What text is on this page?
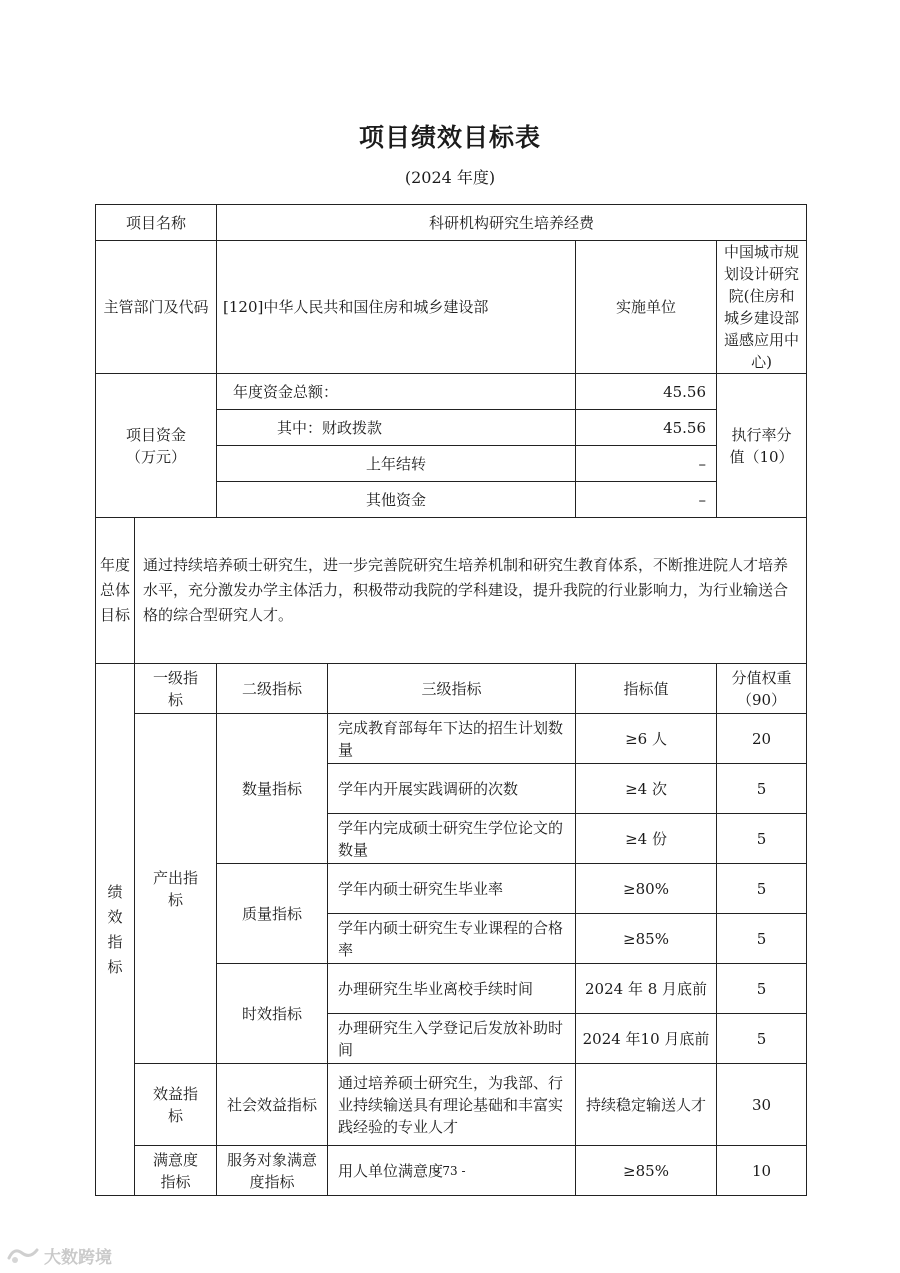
项目绩效目标表
(2024 年度)
项目名称		科研机构研究生培养经费			
主管部门及代码		[120]中华人民共和国住房和城乡建设部		实施单位	中国城市规划设计研究院(住房和城乡建设部遥感应用中心)
项目资金（万元）		年度资金总额：		45.56	执行率分值（10）
		其中：财政拨款		45.56	
		上年结转		–	
		其他资金		–	
年度总体目标	通过持续培养硕士研究生，进一步完善院研究生培养机制和研究生教育体系，不断推进院人才培养水平，充分激发办学主体活力，积极带动我院的学科建设，提升我院的行业影响力，为行业输送合格的综合型研究人才。				
绩效指标	一级指标	二级指标	三级指标	指标值	分值权重（90）
	产出指标	数量指标	完成教育部每年下达的招生计划数量	≥6 人	20
			学年内开展实践调研的次数	≥4 次	5
			学年内完成硕士研究生学位论文的数量	≥4 份	5
		质量指标	学年内硕士研究生毕业率	≥80%	5
			学年内硕士研究生专业课程的合格率	≥85%	5
		时效指标	办理研究生毕业离校手续时间	2024 年 8 月底前	5
			办理研究生入学登记后发放补助时间	2024 年10 月底前	5
	效益指标	社会效益指标	通过培养硕士研究生，为我部、行业持续输送具有理论基础和丰富实践经验的专业人才	持续稳定输送人才	30
	满意度指标	服务对象满意度指标	用人单位满意度	≥85%	10
- 73 -
大数跨境
